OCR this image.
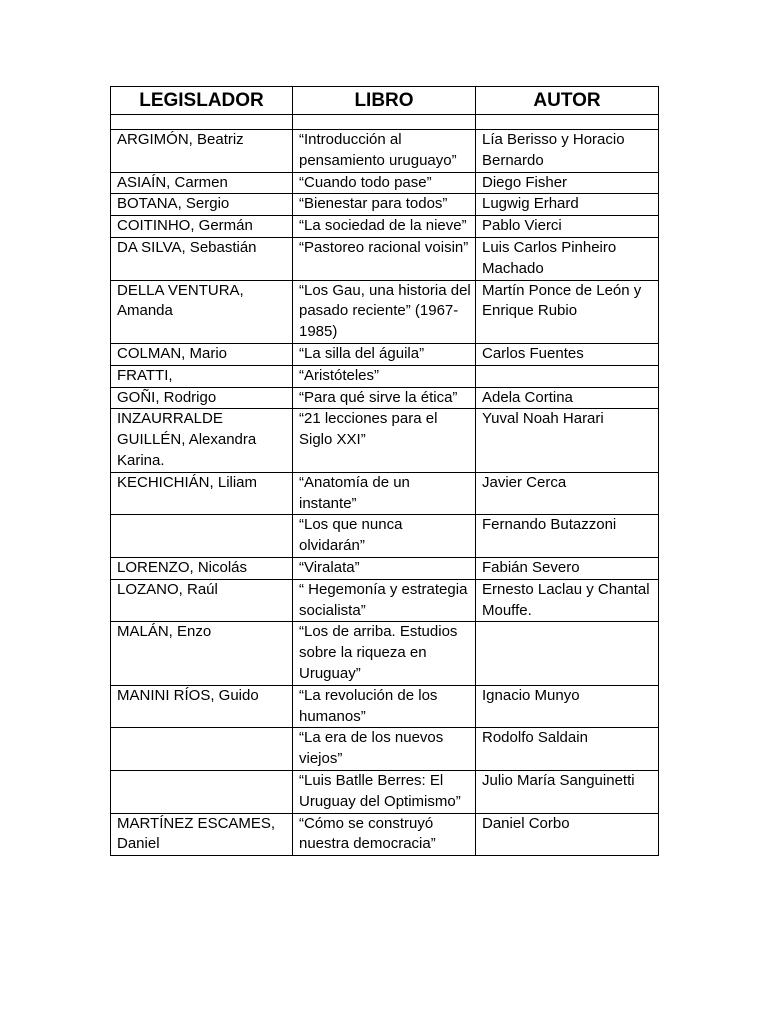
LEGISLADOR	LIBRO	AUTOR

ARGIMÓN, Beatriz	“Introducción al pensamiento uruguayo”	Lía Berisso y Horacio Bernardo
ASIAÍN, Carmen	“Cuando todo pase”	Diego Fisher
BOTANA, Sergio	“Bienestar para todos”	Lugwig Erhard
COITINHO, Germán	“La sociedad de la nieve”	Pablo Vierci
DA SILVA, Sebastián	“Pastoreo racional voisin”	Luis Carlos Pinheiro Machado
DELLA VENTURA, Amanda	“Los Gau, una historia del pasado reciente” (1967-1985)	Martín Ponce de León y Enrique Rubio
COLMAN, Mario	“La silla del águila”	Carlos Fuentes
FRATTI,	“Aristóteles”	
GOÑI, Rodrigo	“Para qué sirve la ética”	Adela Cortina
INZAURRALDE GUILLÉN, Alexandra Karina.	“21 lecciones para el Siglo XXI”	Yuval Noah Harari
KECHICHIÁN, Liliam	“Anatomía de un instante”	Javier Cerca
	“Los que nunca olvidarán”	Fernando Butazzoni
LORENZO, Nicolás	“Viralata”	Fabián Severo
LOZANO, Raúl	“ Hegemonía y estrategia socialista”	Ernesto Laclau y Chantal Mouffe.
MALÁN, Enzo	“Los de arriba. Estudios sobre la riqueza en Uruguay”	
MANINI RÍOS, Guido	“La revolución de los humanos”	Ignacio Munyo
	“La era de los nuevos viejos”	Rodolfo Saldain
	“Luis Batlle Berres: El Uruguay del Optimismo”	Julio María Sanguinetti
MARTÍNEZ ESCAMES, Daniel	“Cómo se construyó nuestra democracia”	Daniel Corbo
